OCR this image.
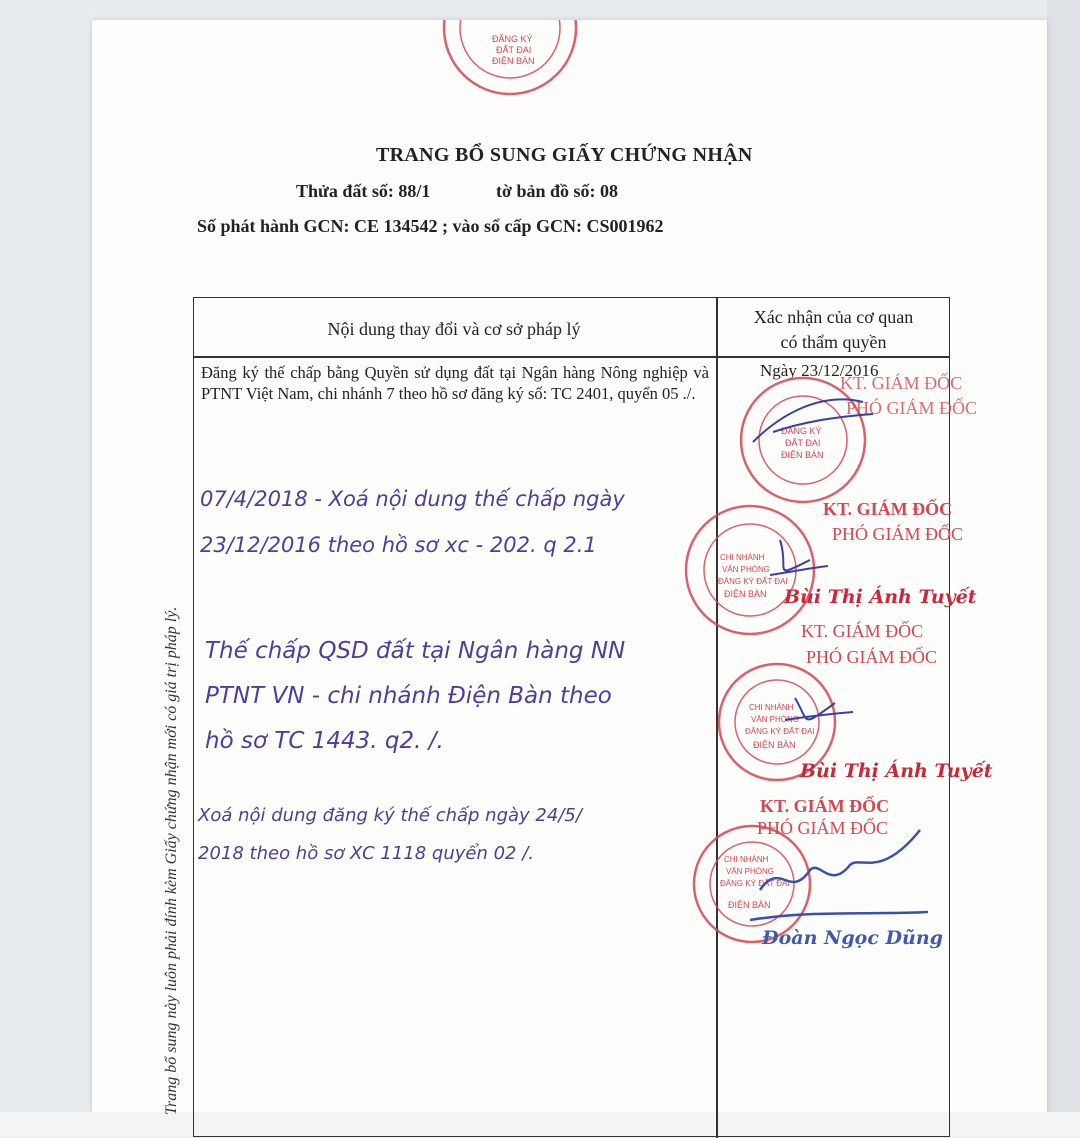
ĐĂNG KÝ
ĐẤT ĐAI
ĐIỆN BÀN
TRANG BỔ SUNG GIẤY CHỨNG NHẬN
Thửa đất số: 88/1	tờ bản đồ số: 08
Số phát hành GCN: CE 134542 ; vào sổ cấp GCN: CS001962
Nội dung thay đổi và cơ sở pháp lý
Xác nhận của cơ quan
có thẩm quyền
Đăng ký thế chấp bằng Quyền sử dụng đất tại Ngân hàng Nông nghiệp và PTNT Việt Nam, chi nhánh 7 theo hồ sơ đăng ký số: TC 2401, quyển 05 ./.
Ngày 23/12/2016
07/4/2018 - Xoá nội dung thế chấp ngày
23/12/2016 theo hồ sơ xc - 202. q 2.1
Thế chấp QSD đất tại Ngân hàng NN
PTNT VN - chi nhánh Điện Bàn theo
hồ sơ TC 1443. q2. /.
Xoá nội dung đăng ký thế chấp ngày 24/5/
2018 theo hồ sơ XC 1118 quyển 02 /.
KT. GIÁM ĐỐC
PHÓ GIÁM ĐỐC
ĐĂNG KÝ
ĐẤT ĐAI
ĐIỆN BÀN
KT. GIÁM ĐỐC
PHÓ GIÁM ĐỐC
CHI NHÁNH
VĂN PHÒNG
ĐĂNG KÝ ĐẤT ĐAI
ĐIỆN BÀN Bùi Thị Ánh Tuyết
KT. GIÁM ĐỐC
PHÓ GIÁM ĐỐC
CHI NHÁNH
VĂN PHÒNG
ĐĂNG KÝ ĐẤT ĐAI
ĐIỆN BÀN
Bùi Thị Ánh Tuyết
KT. GIÁM ĐỐC
PHÓ GIÁM ĐỐC
CHI NHÁNH
VĂN PHÒNG
ĐĂNG KÝ ĐẤT ĐAI
ĐIỆN BÀN
Đoàn Ngọc Dũng
Trang bổ sung này luôn phải đính kèm Giấy chứng nhận mới có giá trị pháp lý.
